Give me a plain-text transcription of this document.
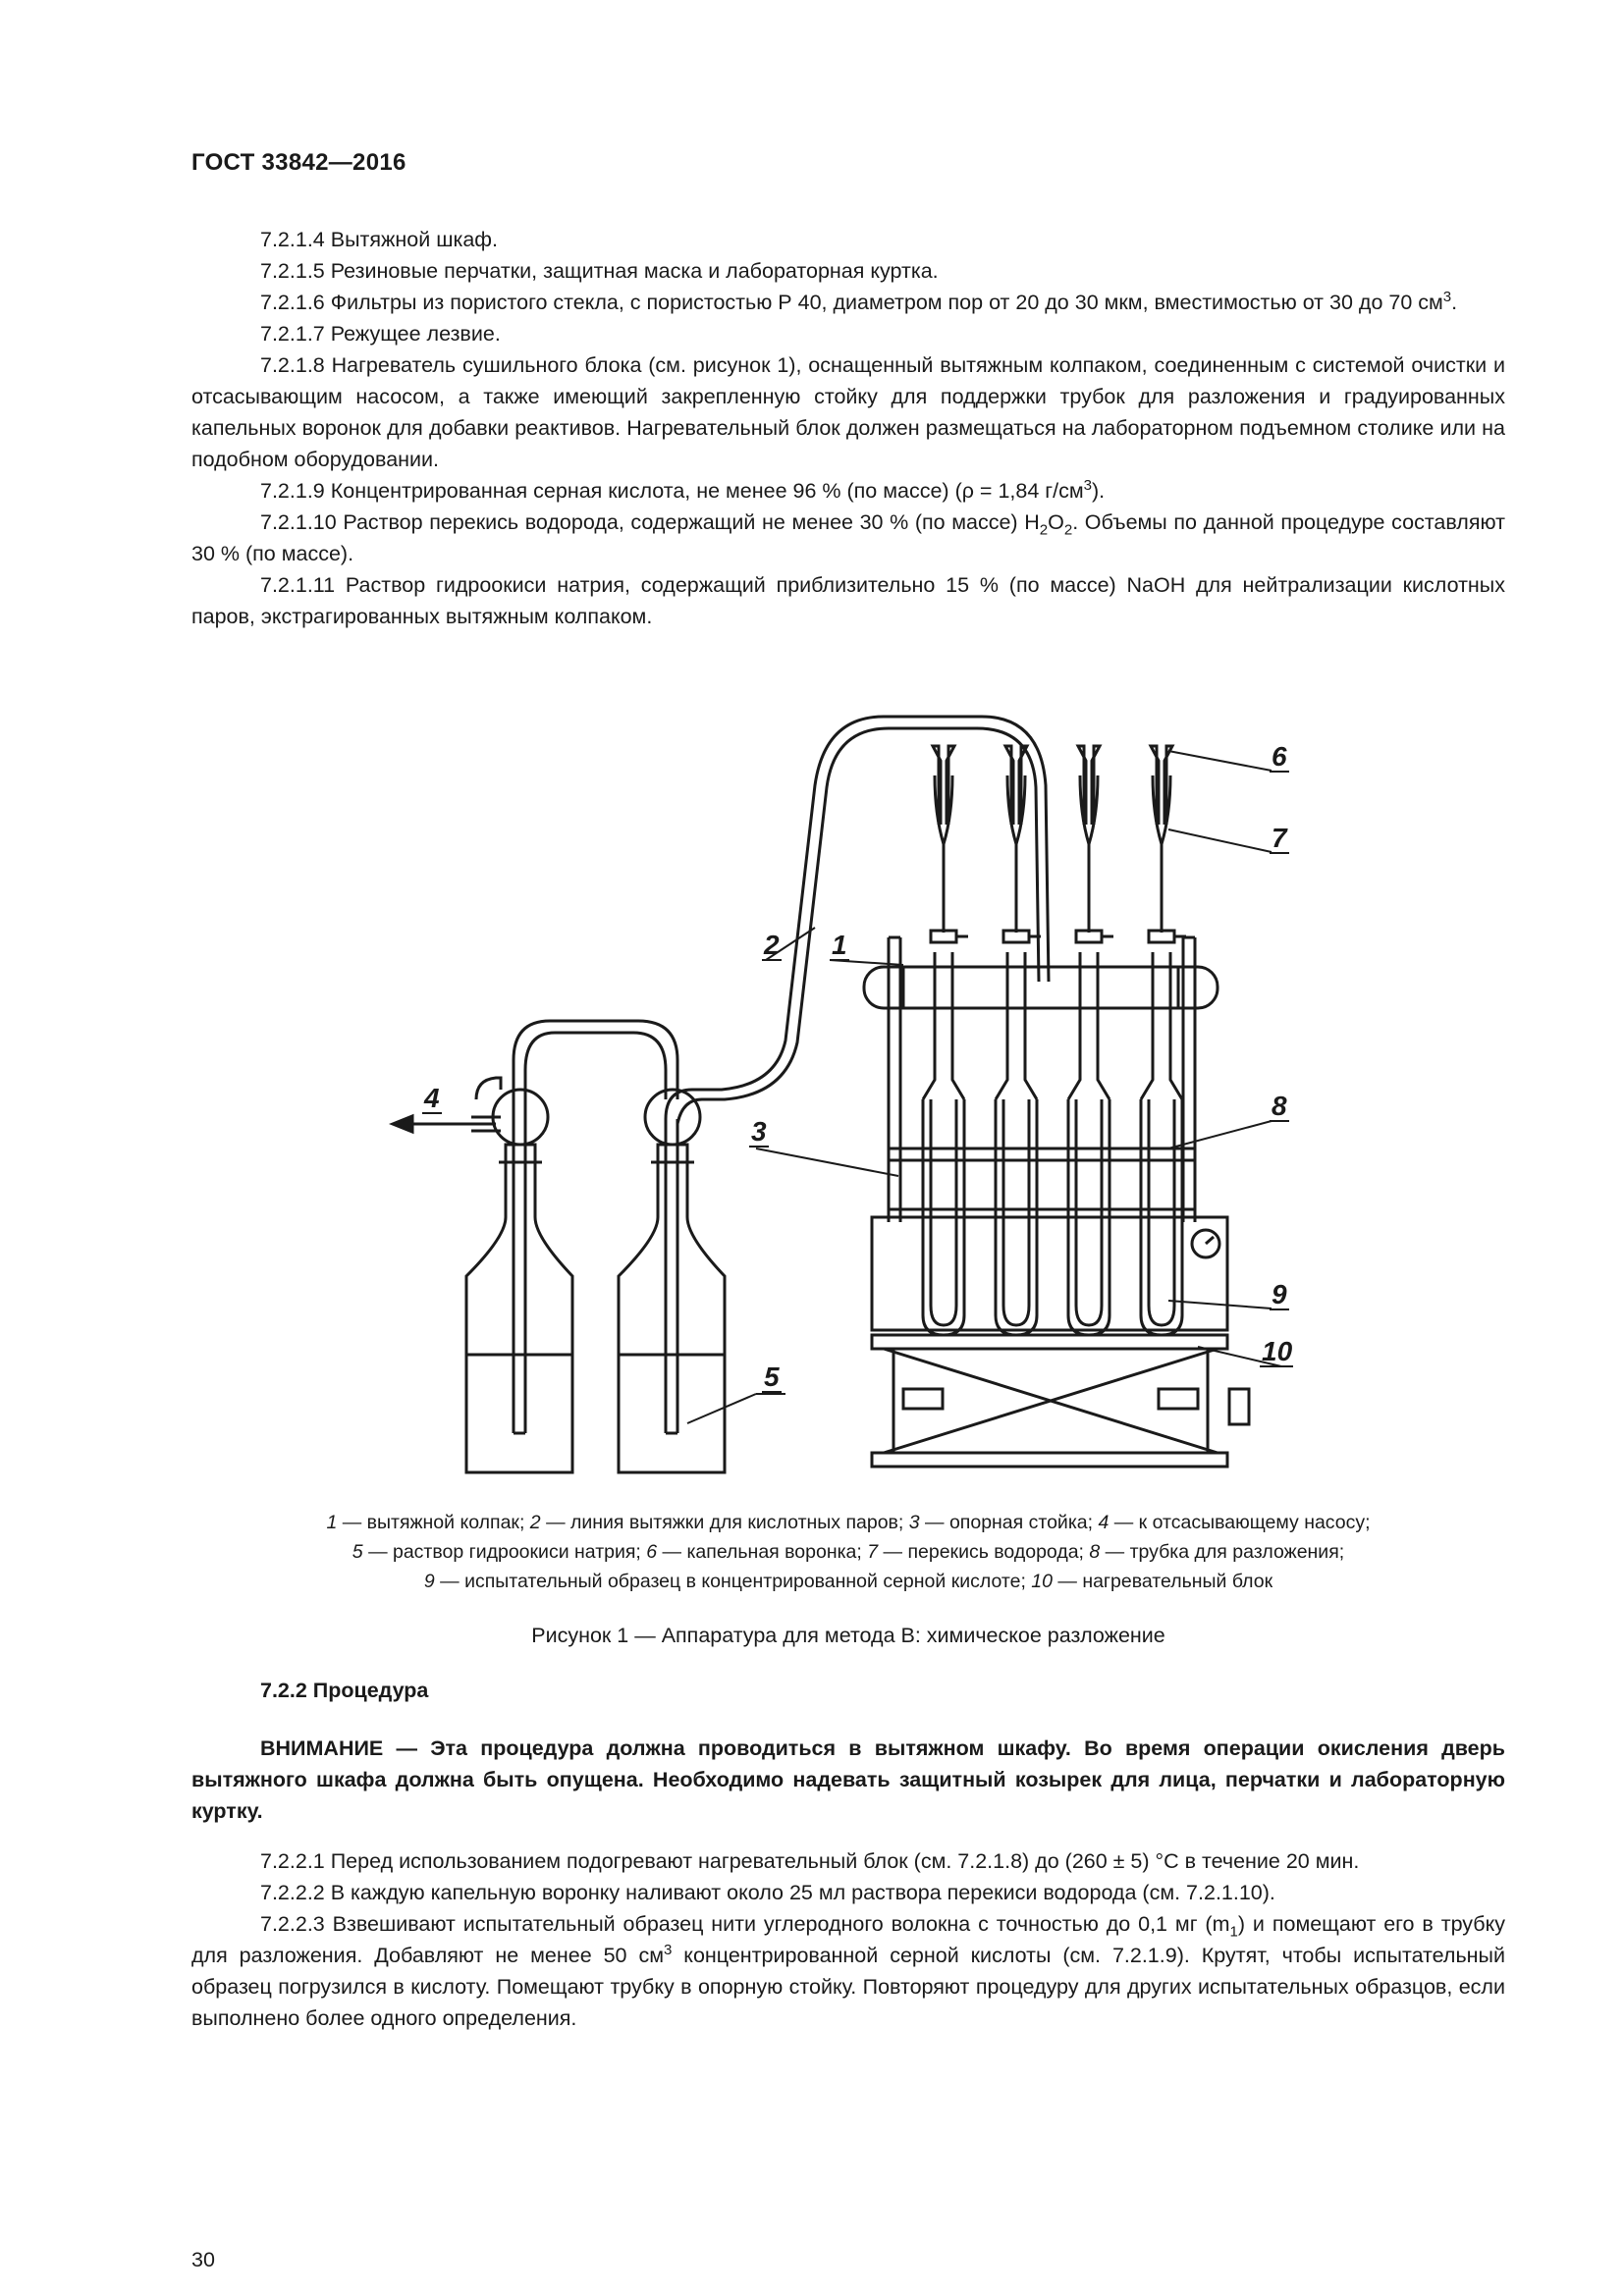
ГОСТ 33842—2016

7.2.1.4 Вытяжной шкаф.

7.2.1.5 Резиновые перчатки, защитная маска и лабораторная куртка.

7.2.1.6 Фильтры из пористого стекла, с пористостью Р 40, диаметром пор от 20 до 30 мкм, вместимостью от 30 до 70 $см^3$.

7.2.1.7 Режущее лезвие.

7.2.1.8 Нагреватель сушильного блока (см. рисунок 1), оснащенный вытяжным колпаком, соединенным с системой очистки и отсасывающим насосом, а также имеющий закрепленную стойку для поддержки трубок для разложения и градуированных капельных воронок для добавки реактивов. Нагревательный блок должен размещаться на лабораторном подъемном столике или на подобном оборудовании.

7.2.1.9 Концентрированная серная кислота, не менее 96 % (по массе) (ρ = 1,84 $г/см^3$).

7.2.1.10 Раствор перекись водорода, содержащий не менее 30 % (по массе) $H_2O_2$. Объемы по данной процедуре составляют 30 % (по массе).

7.2.1.11 Раствор гидроокиси натрия, содержащий приблизительно 15 % (по массе) NaOH для нейтрализации кислотных паров, экстрагированных вытяжным колпаком.

1
2
3
4
5
6
7
8
9
10
1 — вытяжной колпак; 2 — линия вытяжки для кислотных паров; 3 — опорная стойка; 4 — к отсасывающему насосу;
5 — раствор гидроокиси натрия; 6 — капельная воронка; 7 — перекись водорода; 8 — трубка для разложения;
9 — испытательный образец в концентрированной серной кислоте; 10 — нагревательный блок
Рисунок 1 — Аппаратура для метода В: химическое разложение
7.2.2 Процедура

ВНИМАНИЕ — Эта процедура должна проводиться в вытяжном шкафу. Во время операции окисления дверь вытяжного шкафа должна быть опущена. Необходимо надевать защитный козырек для лица, перчатки и лабораторную куртку.

7.2.2.1 Перед использованием подогревают нагревательный блок (см. 7.2.1.8) до (260 ± 5) °С в течение 20 мин.

7.2.2.2 В каждую капельную воронку наливают около 25 мл раствора перекиси водорода (см. 7.2.1.10).

7.2.2.3 Взвешивают испытательный образец нити углеродного волокна с точностью до 0,1 мг $(m_1)$ и помещают его в трубку для разложения. Добавляют не менее 50 $см^3$ концентрированной серной кислоты (см. 7.2.1.9). Крутят, чтобы испытательный образец погрузился в кислоту. Помещают трубку в опорную стойку. Повторяют процедуру для других испытательных образцов, если выполнено более одного определения.

30
